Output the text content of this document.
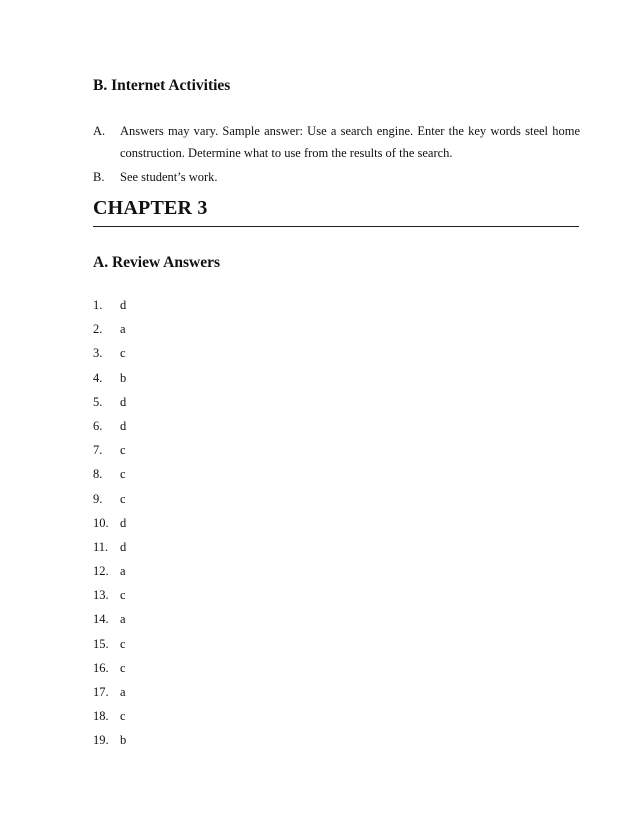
B. Internet Activities
A. Answers may vary. Sample answer: Use a search engine. Enter the key words steel home construction. Determine what to use from the results of the search.
B. See student’s work.
CHAPTER 3
A. Review Answers
1. d
2. a
3. c
4. b
5. d
6. d
7. c
8. c
9. c
10. d
11. d
12. a
13. c
14. a
15. c
16. c
17. a
18. c
19. b
